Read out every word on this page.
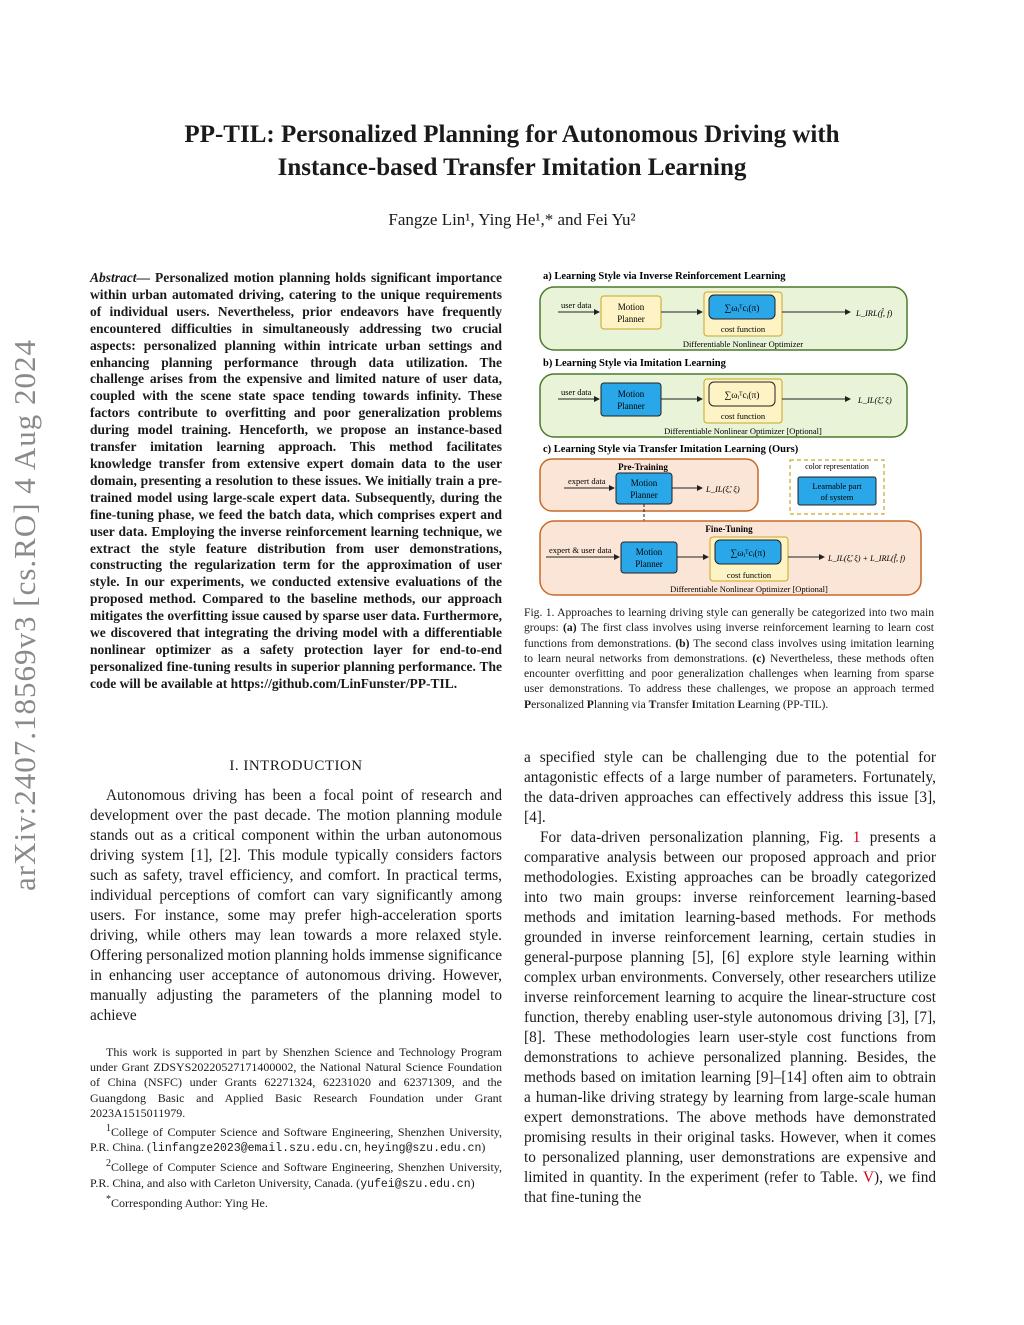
arXiv:2407.18569v3 [cs.RO] 4 Aug 2024
PP-TIL: Personalized Planning for Autonomous Driving with
Instance-based Transfer Imitation Learning
Fangze Lin¹, Ying He¹,* and Fei Yu²
Abstract— Personalized motion planning holds significant importance within urban automated driving, catering to the unique requirements of individual users. Nevertheless, prior endeavors have frequently encountered difficulties in simultaneously addressing two crucial aspects: personalized planning within intricate urban settings and enhancing planning performance through data utilization. The challenge arises from the expensive and limited nature of user data, coupled with the scene state space tending towards infinity. These factors contribute to overfitting and poor generalization problems during model training. Henceforth, we propose an instance-based transfer imitation learning approach. This method facilitates knowledge transfer from extensive expert domain data to the user domain, presenting a resolution to these issues. We initially train a pre-trained model using large-scale expert data. Subsequently, during the fine-tuning phase, we feed the batch data, which comprises expert and user data. Employing the inverse reinforcement learning technique, we extract the style feature distribution from user demonstrations, constructing the regularization term for the approximation of user style. In our experiments, we conducted extensive evaluations of the proposed method. Compared to the baseline methods, our approach mitigates the overfitting issue caused by sparse user data. Furthermore, we discovered that integrating the driving model with a differentiable nonlinear optimizer as a safety protection layer for end-to-end personalized fine-tuning results in superior planning performance. The code will be available at https://github.com/LinFunster/PP-TIL.
I. INTRODUCTION

Autonomous driving has been a focal point of research and development over the past decade. The motion planning module stands out as a critical component within the urban autonomous driving system [1], [2]. This module typically considers factors such as safety, travel efficiency, and comfort. In practical terms, individual perceptions of comfort can vary significantly among users. For instance, some may prefer high-acceleration sports driving, while others may lean towards a more relaxed style. Offering personalized motion planning holds immense significance in enhancing user acceptance of autonomous driving. However, manually adjusting the parameters of the planning model to achieve

This work is supported in part by Shenzhen Science and Technology Program under Grant ZDSYS20220527171400002, the National Natural Science Foundation of China (NSFC) under Grants 62271324, 62231020 and 62371309, and the Guangdong Basic and Applied Basic Research Foundation under Grant 2023A1515011979.

$^1$College of Computer Science and Software Engineering, Shenzhen University, P.R. China. (linfangze2023@email.szu.edu.cn, heying@szu.edu.cn)

$^2$College of Computer Science and Software Engineering, Shenzhen University, P.R. China, and also with Carleton University, Canada. (yufei@szu.edu.cn)

*Corresponding Author: Ying He.

a) Learning Style via Inverse Reinforcement Learning
user data	Motion
Planner
∑ωᵢᵀcᵢ(π)
cost function
L_IRL(f̂, f)
Differentiable Nonlinear Optimizer
b) Learning Style via Imitation Learning
user data	Motion
Planner
∑ωᵢᵀcᵢ(π)
cost function
L_IL(ξ̂, ξ)
Differentiable Nonlinear Optimizer [Optional]
c) Learning Style via Transfer Imitation Learning (Ours)
Pre-Training
expert data	Motion
Planner
L_IL(ξ̂, ξ)
color representation
Learnable part
of system
Fine-Tuning
expert & user data	Motion
Planner
∑ωᵢᵀcᵢ(π)
cost function
L_IL(ξ̂, ξ) + L_IRL(f̂, f)
Differentiable Nonlinear Optimizer [Optional]
Fig. 1. Approaches to learning driving style can generally be categorized into two main groups: (a) The first class involves using inverse reinforcement learning to learn cost functions from demonstrations. (b) The second class involves using imitation learning to learn neural networks from demonstrations. (c) Nevertheless, these methods often encounter overfitting and poor generalization challenges when learning from sparse user demonstrations. To address these challenges, we propose an approach termed Personalized Planning via Transfer Imitation Learning (PP-TIL).

a specified style can be challenging due to the potential for antagonistic effects of a large number of parameters. Fortunately, the data-driven approaches can effectively address this issue [3], [4].

For data-driven personalization planning, Fig. 1 presents a comparative analysis between our proposed approach and prior methodologies. Existing approaches can be broadly categorized into two main groups: inverse reinforcement learning-based methods and imitation learning-based methods. For methods grounded in inverse reinforcement learning, certain studies in general-purpose planning [5], [6] explore style learning within complex urban environments. Conversely, other researchers utilize inverse reinforcement learning to acquire the linear-structure cost function, thereby enabling user-style autonomous driving [3], [7], [8]. These methodologies learn user-style cost functions from demonstrations to achieve personalized planning. Besides, the methods based on imitation learning [9]–[14] often aim to obtrain a human-like driving strategy by learning from large-scale human expert demonstrations. The above methods have demonstrated promising results in their original tasks. However, when it comes to personalized planning, user demonstrations are expensive and limited in quantity. In the experiment (refer to Table. V), we find that fine-tuning the
